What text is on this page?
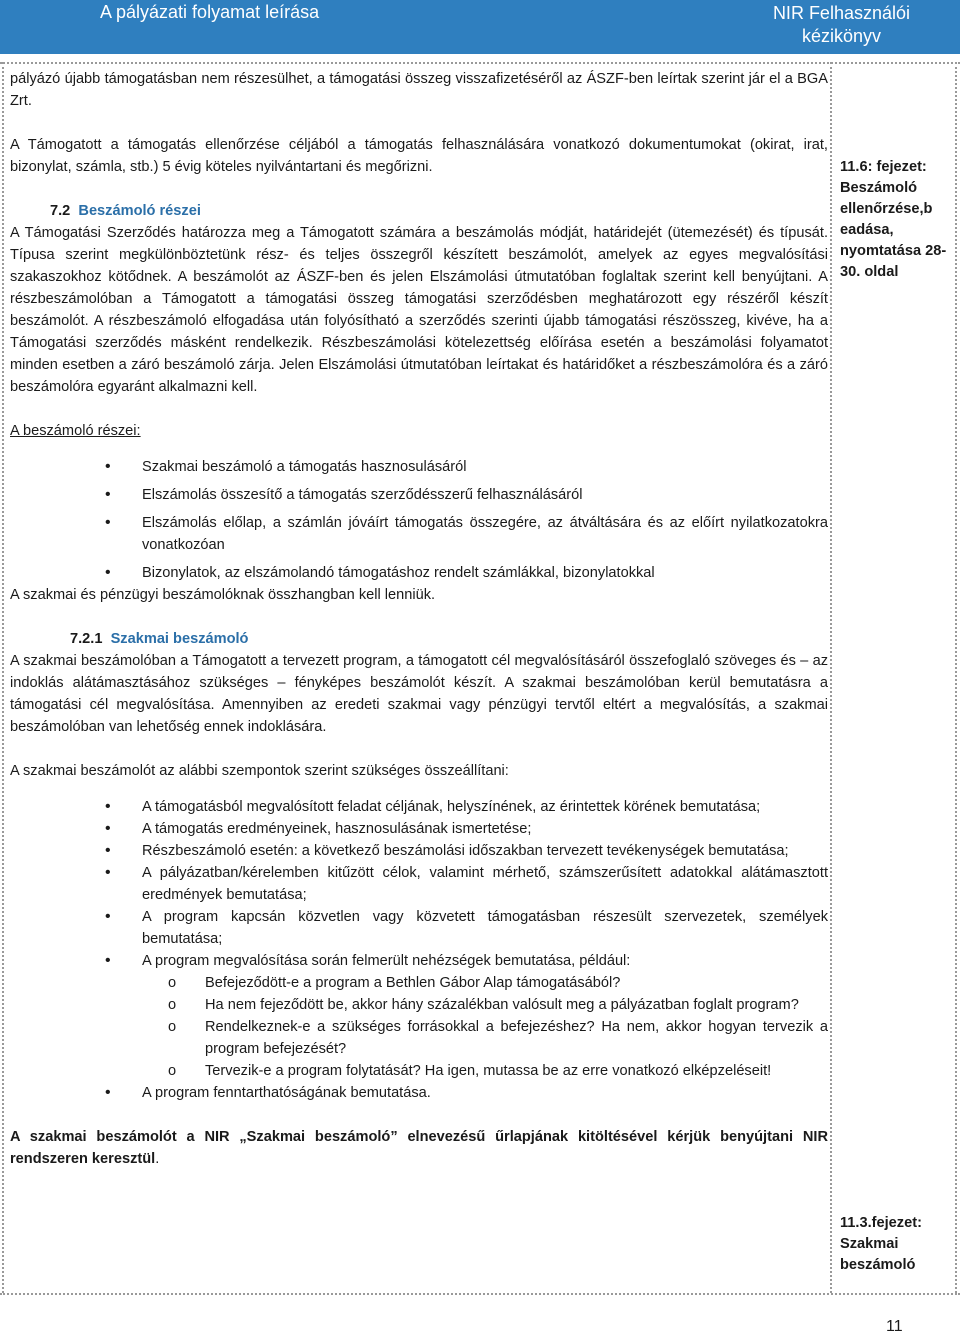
A pályázati folyamat leírása	NIR Felhasználói
kézikönyv

pályázó újabb támogatásban nem részesülhet, a támogatási összeg visszafizetéséről az ÁSZF-ben leírtak szerint jár el a BGA Zrt.

A Támogatott a támogatás ellenőrzése céljából a támogatás felhasználására vonatkozó dokumentumokat (okirat, irat, bizonylat, számla, stb.) 5 évig köteles nyilvántartani és megőrizni.

7.2 Beszámoló részei

A Támogatási Szerződés határozza meg a Támogatott számára a beszámolás módját, határidejét (ütemezését) és típusát. Típusa szerint megkülönböztetünk rész- és teljes összegről készített beszámolót, amelyek az egyes megvalósítási szakaszokhoz kötődnek. A beszámolót az ÁSZF-ben és jelen Elszámolási útmutatóban foglaltak szerint kell benyújtani. A részbeszámolóban a Támogatott a támogatási összeg támogatási szerződésben meghatározott egy részéről készít beszámolót. A részbeszámoló elfogadása után folyósítható a szerződés szerinti újabb támogatási részösszeg, kivéve, ha a Támogatási szerződés másként rendelkezik. Részbeszámolási kötelezettség előírása esetén a beszámolási folyamatot minden esetben a záró beszámoló zárja. Jelen Elszámolási útmutatóban leírtakat és határidőket a részbeszámolóra és a záró beszámolóra egyaránt alkalmazni kell.

A beszámoló részei:

• Szakmai beszámoló a támogatás hasznosulásáról
• Elszámolás összesítő a támogatás szerződésszerű felhasználásáról
• Elszámolás előlap, a számlán jóváírt támogatás összegére, az átváltására és az előírt nyilatkozatokra vonatkozóan
• Bizonylatok, az elszámolandó támogatáshoz rendelt számlákkal, bizonylatokkal

A szakmai és pénzügyi beszámolóknak összhangban kell lenniük.

7.2.1 Szakmai beszámoló

A szakmai beszámolóban a Támogatott a tervezett program, a támogatott cél megvalósításáról összefoglaló szöveges és – az indoklás alátámasztásához szükséges – fényképes beszámolót készít. A szakmai beszámolóban kerül bemutatásra a támogatási cél megvalósítása. Amennyiben az eredeti szakmai vagy pénzügyi tervtől eltért a megvalósítás, a szakmai beszámolóban van lehetőség ennek indoklására.

A szakmai beszámolót az alábbi szempontok szerint szükséges összeállítani:

• A támogatásból megvalósított feladat céljának, helyszínének, az érintettek körének bemutatása;
• A támogatás eredményeinek, hasznosulásának ismertetése;
• Részbeszámoló esetén: a következő beszámolási időszakban tervezett tevékenységek bemutatása;
• A pályázatban/kérelemben kitűzött célok, valamint mérhető, számszerűsített adatokkal alátámasztott eredmények bemutatása;
• A program kapcsán közvetlen vagy közvetett támogatásban részesült szervezetek, személyek bemutatása;
• A program megvalósítása során felmerült nehézségek bemutatása, például:
o Befejeződött-e a program a Bethlen Gábor Alap támogatásából?
o Ha nem fejeződött be, akkor hány százalékban valósult meg a pályázatban foglalt program?
o Rendelkeznek-e a szükséges forrásokkal a befejezéshez? Ha nem, akkor hogyan tervezik a program befejezését?
o Tervezik-e a program folytatását? Ha igen, mutassa be az erre vonatkozó elképzeléseit!
• A program fenntarthatóságának bemutatása.

A szakmai beszámolót a NIR „Szakmai beszámoló” elnevezésű űrlapjának kitöltésével kérjük benyújtani NIR rendszeren keresztül.

11.6: fejezet: Beszámoló ellenőrzése,b eadása, nyomtatása 28-30. oldal
11.3.fejezet: Szakmai beszámoló
11
